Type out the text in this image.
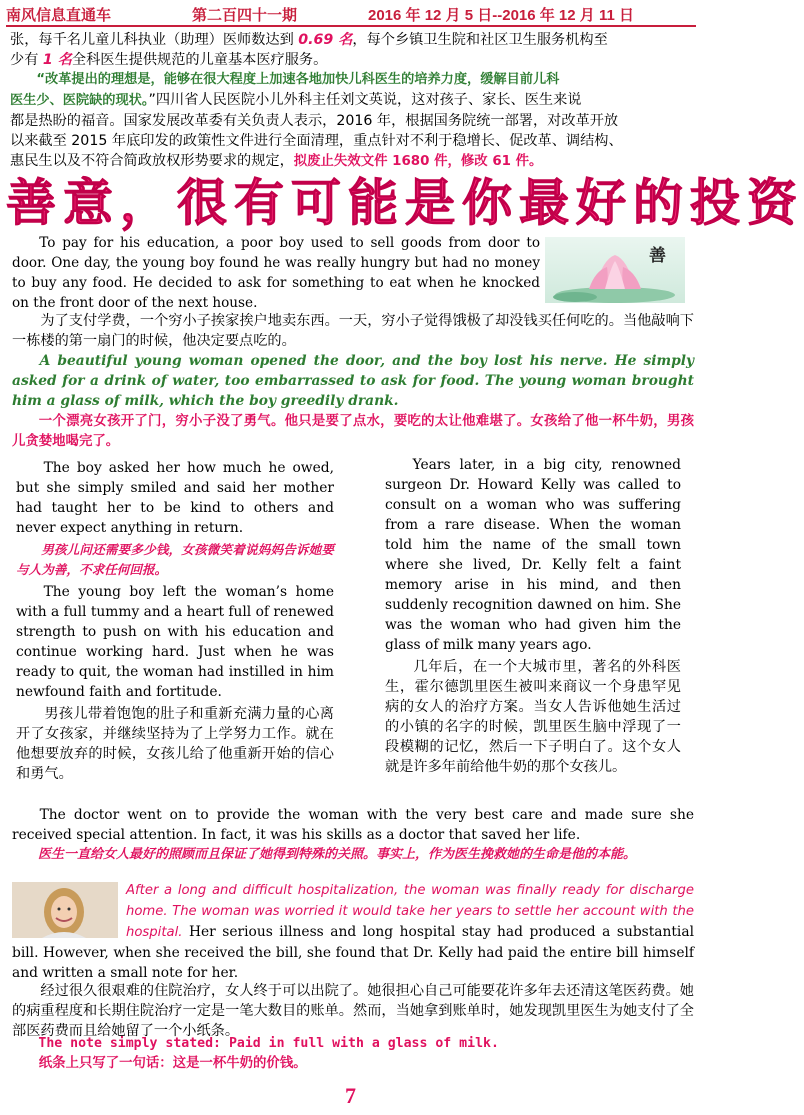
南风信息直通车	第二百四十一期	2016 年 12 月 5 日--2016 年 12 月 11 日
张，每千名儿童儿科执业（助理）医师数达到 0.69 名，每个乡镇卫生院和社区卫生服务机构至
少有 1 名全科医生提供规范的儿童基本医疗服务。
“改革提出的理想是，能够在很大程度上加速各地加快儿科医生的培养力度，缓解目前儿科
医生少、医院缺的现状。”四川省人民医院小儿外科主任刘文英说，这对孩子、家长、医生来说
都是热盼的福音。国家发展改革委有关负责人表示，2016 年，根据国务院统一部署，对改革开放
以来截至 2015 年底印发的政策性文件进行全面清理，重点针对不利于稳增长、促改革、调结构、
惠民生以及不符合简政放权形势要求的规定，拟废止失效文件 1680 件，修改 61 件。
善意，很有可能是你最好的投资
善
To pay for his education, a poor boy used to sell goods from door to door. One day, the young boy found he was really hungry but had no money to buy any food. He decided to ask for something to eat when he knocked on the front door of the next house.
为了支付学费，一个穷小子挨家挨户地卖东西。一天，穷小子觉得饿极了却没钱买任何吃的。当他敲响下一栋楼的第一扇门的时候，他决定要点吃的。
A beautiful young woman opened the door, and the boy lost his nerve. He simply asked for a drink of water, too embarrassed to ask for food. The young woman brought him a glass of milk, which the boy greedily drank.
一个漂亮女孩开了门，穷小子没了勇气。他只是要了点水，要吃的太让他难堪了。女孩给了他一杯牛奶，男孩儿贪婪地喝完了。
The boy asked her how much he owed, but she simply smiled and said her mother had taught her to be kind to others and never expect anything in return.
男孩儿问还需要多少钱，女孩微笑着说妈妈告诉她要与人为善，不求任何回报。
The young boy left the woman’s home with a full tummy and a heart full of renewed strength to push on with his education and continue working hard. Just when he was ready to quit, the woman had instilled in him newfound faith and fortitude.
男孩儿带着饱饱的肚子和重新充满力量的心离开了女孩家，并继续坚持为了上学努力工作。就在他想要放弃的时候，女孩儿给了他重新开始的信心和勇气。
Years later, in a big city, renowned surgeon Dr. Howard Kelly was called to consult on a woman who was suffering from a rare disease. When the woman told him the name of the small town where she lived, Dr. Kelly felt a faint memory arise in his mind, and then suddenly recognition dawned on him. She was the woman who had given him the glass of milk many years ago.
几年后，在一个大城市里，著名的外科医生，霍尔德凯里医生被叫来商议一个身患罕见病的女人的治疗方案。当女人告诉他她生活过的小镇的名字的时候，凯里医生脑中浮现了一段模糊的记忆，然后一下子明白了。这个女人就是许多年前给他牛奶的那个女孩儿。
The doctor went on to provide the woman with the very best care and made sure she received special attention. In fact, it was his skills as a doctor that saved her life.
医生一直给女人最好的照顾而且保证了她得到特殊的关照。事实上，作为医生挽救她的生命是他的本能。
After a long and difficult hospitalization, the woman was finally ready for discharge home. The woman was worried it would take her years to settle her account with the hospital. Her serious illness and long hospital stay had produced a substantial bill. However, when she received the bill, she found that Dr. Kelly had paid the entire bill himself and written a small note for her.
经过很久很艰难的住院治疗，女人终于可以出院了。她很担心自己可能要花许多年去还清这笔医药费。她的病重程度和长期住院治疗一定是一笔大数目的账单。然而，当她拿到账单时，她发现凯里医生为她支付了全部医药费而且给她留了一个小纸条。
The note simply stated: Paid in full with a glass of milk.
纸条上只写了一句话：这是一杯牛奶的价钱。
7
